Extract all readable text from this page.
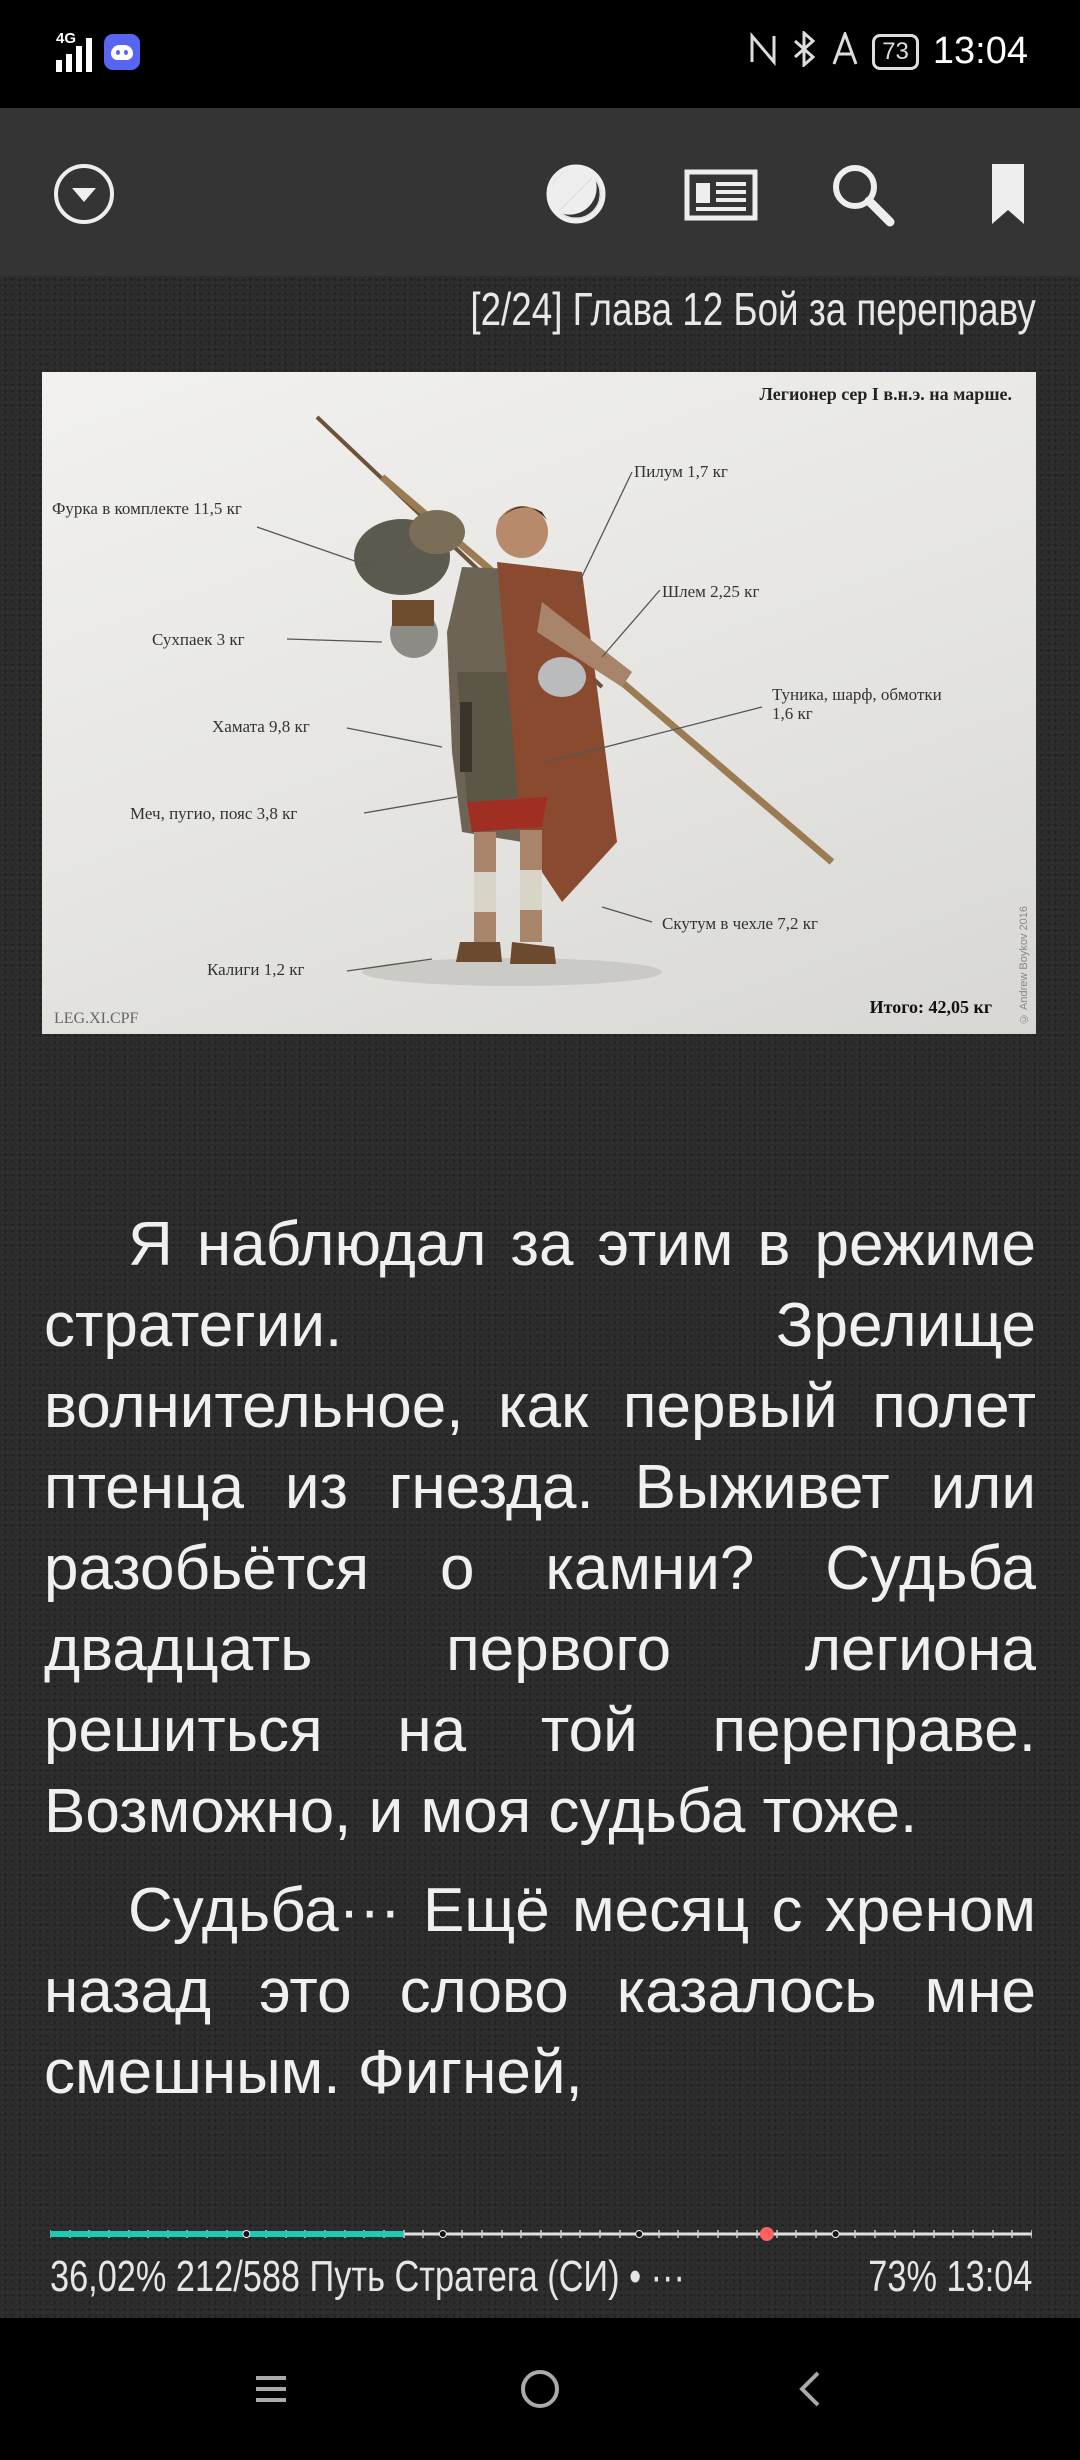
4G	73 13:04
[2/24] Глава 12 Бой за переправу
Легионер сер I в.н.э. на марше.
Фурка в комплекте 11,5 кг
Пилум 1,7 кг
Шлем 2,25 кг
Сухпаек 3 кг
Туника, шарф, обмотки
1,6 кг
Хамата 9,8 кг
Меч, пугио, пояс 3,8 кг
Скутум в чехле 7,2 кг
Калиги 1,2 кг
Итого: 42,05 кг
LEG.XI.CPF	© Andrew Boykov 2016

Я наблюдал за этим в режиме стратегии. Зрелище волнительное, как первый полет птенца из гнезда. Выживет или разобьётся о камни? Судьба двадцать первого легиона решиться на той переправе. Возможно, и моя судьба тоже.

Судьба··· Ещё месяц с хреном назад это слово казалось мне смешным. Фигней,

36,02% 212/588 Путь Стратега (СИ) • ···	73% 13:04
